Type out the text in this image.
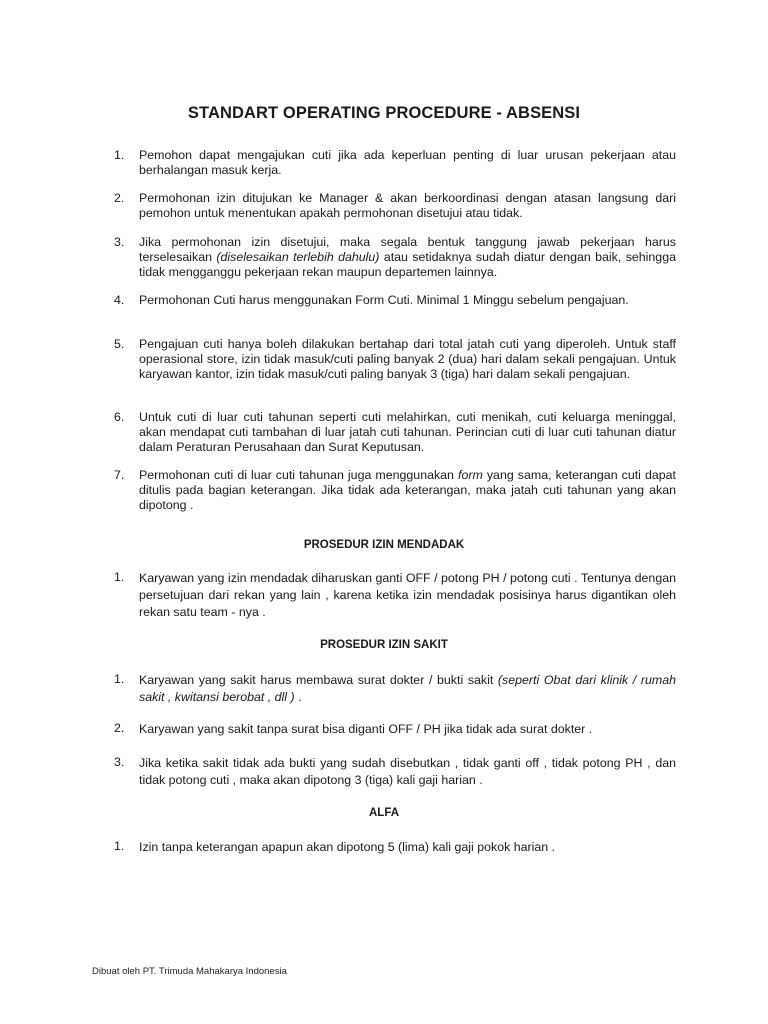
STANDART OPERATING PROCEDURE - ABSENSI
1. Pemohon dapat mengajukan cuti jika ada keperluan penting di luar urusan pekerjaan atau berhalangan masuk kerja.
2. Permohonan izin ditujukan ke Manager & akan berkoordinasi dengan atasan langsung dari pemohon untuk menentukan apakah permohonan disetujui atau tidak.
3. Jika permohonan izin disetujui, maka segala bentuk tanggung jawab pekerjaan harus terselesaikan (diselesaikan terlebih dahulu) atau setidaknya sudah diatur dengan baik, sehingga tidak mengganggu pekerjaan rekan maupun departemen lainnya.
4. Permohonan Cuti harus menggunakan Form Cuti. Minimal 1 Minggu sebelum pengajuan.
5. Pengajuan cuti hanya boleh dilakukan bertahap dari total jatah cuti yang diperoleh. Untuk staff operasional store, izin tidak masuk/cuti paling banyak 2 (dua) hari dalam sekali pengajuan. Untuk karyawan kantor, izin tidak masuk/cuti paling banyak 3 (tiga) hari dalam sekali pengajuan.
6. Untuk cuti di luar cuti tahunan seperti cuti melahirkan, cuti menikah, cuti keluarga meninggal, akan mendapat cuti tambahan di luar jatah cuti tahunan. Perincian cuti di luar cuti tahunan diatur dalam Peraturan Perusahaan dan Surat Keputusan.
7. Permohonan cuti di luar cuti tahunan juga menggunakan form yang sama, keterangan cuti dapat ditulis pada bagian keterangan. Jika tidak ada keterangan, maka jatah cuti tahunan yang akan dipotong .
PROSEDUR IZIN MENDADAK
1. Karyawan yang izin mendadak diharuskan ganti OFF / potong PH / potong cuti . Tentunya dengan persetujuan dari rekan yang lain , karena ketika izin mendadak posisinya harus digantikan oleh rekan satu team - nya .
PROSEDUR IZIN SAKIT
1. Karyawan yang sakit harus membawa surat dokter / bukti sakit (seperti Obat dari klinik / rumah sakit , kwitansi berobat , dll ) .
2. Karyawan yang sakit tanpa surat bisa diganti OFF / PH jika tidak ada surat dokter .
3. Jika ketika sakit tidak ada bukti yang sudah disebutkan , tidak ganti off , tidak potong PH , dan tidak potong cuti , maka akan dipotong 3 (tiga) kali gaji harian .
ALFA
1. Izin tanpa keterangan apapun akan dipotong 5 (lima) kali gaji pokok harian .
Dibuat oleh PT. Trimuda Mahakarya Indonesia
